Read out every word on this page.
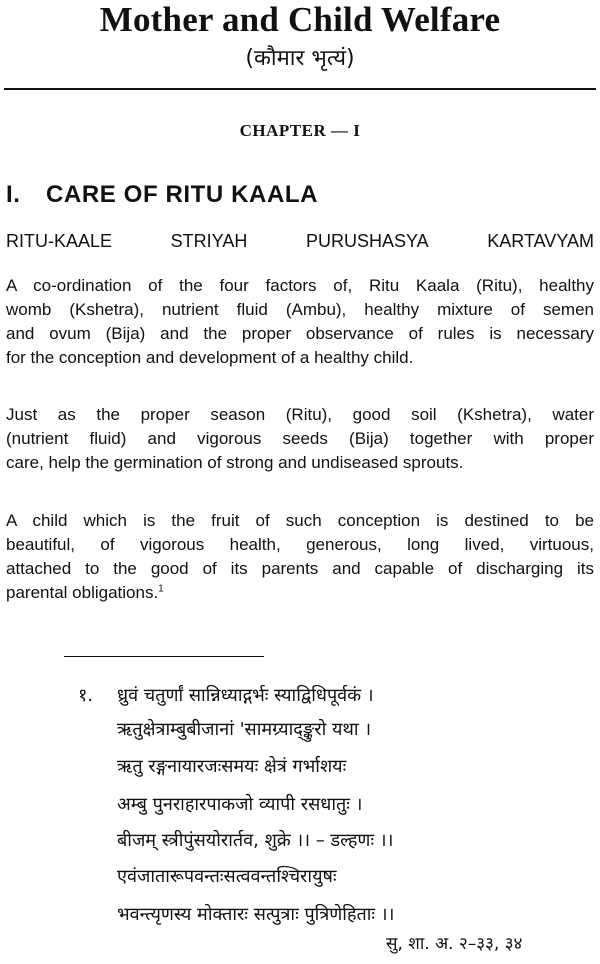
Mother and Child Welfare
(कौमार भृत्यं)
CHAPTER — I
I. CARE OF RITU KAALA
RITU-KAALE	STRIYAH	PURUSHASYA	KARTAVYAM
A co-ordination of the four factors of, Ritu Kaala (Ritu), healthy
womb (Kshetra), nutrient fluid (Ambu), healthy mixture of semen
and ovum (Bija) and the proper observance of rules is necessary
for the conception and development of a healthy child.
Just as the proper season (Ritu), good soil (Kshetra), water
(nutrient fluid) and vigorous seeds (Bija) together with proper
care, help the germination of strong and undiseased sprouts.
A child which is the fruit of such conception is destined to be
beautiful, of vigorous health, generous, long lived, virtuous,
attached to the good of its parents and capable of discharging its
parental obligations.$^1$
१. ध्रुवं चतुर्णां सान्निध्याद्गर्भः स्याद्विधिपूर्वकं ।
ऋतुक्षेत्राम्बुबीजानां 'सामग्र्याद्‌ङ्कुरो यथा ।
ऋतु रङ्गनायारजःसमयः क्षेत्रं गर्भाशयः
अम्बु पुनराहारपाकजो व्यापी रसधातुः ।
बीजम् स्त्रीपुंसयोरार्तव, शुक्रे ।। – डल्हणः ।।
एवंजातारूपवन्तःसत्ववन्तश्चिरायुषः
भवन्त्यृणस्य मोक्तारः सत्पुत्राः पुत्रिणेहिताः ।।
सु, शा. अ. २–३३, ३४
